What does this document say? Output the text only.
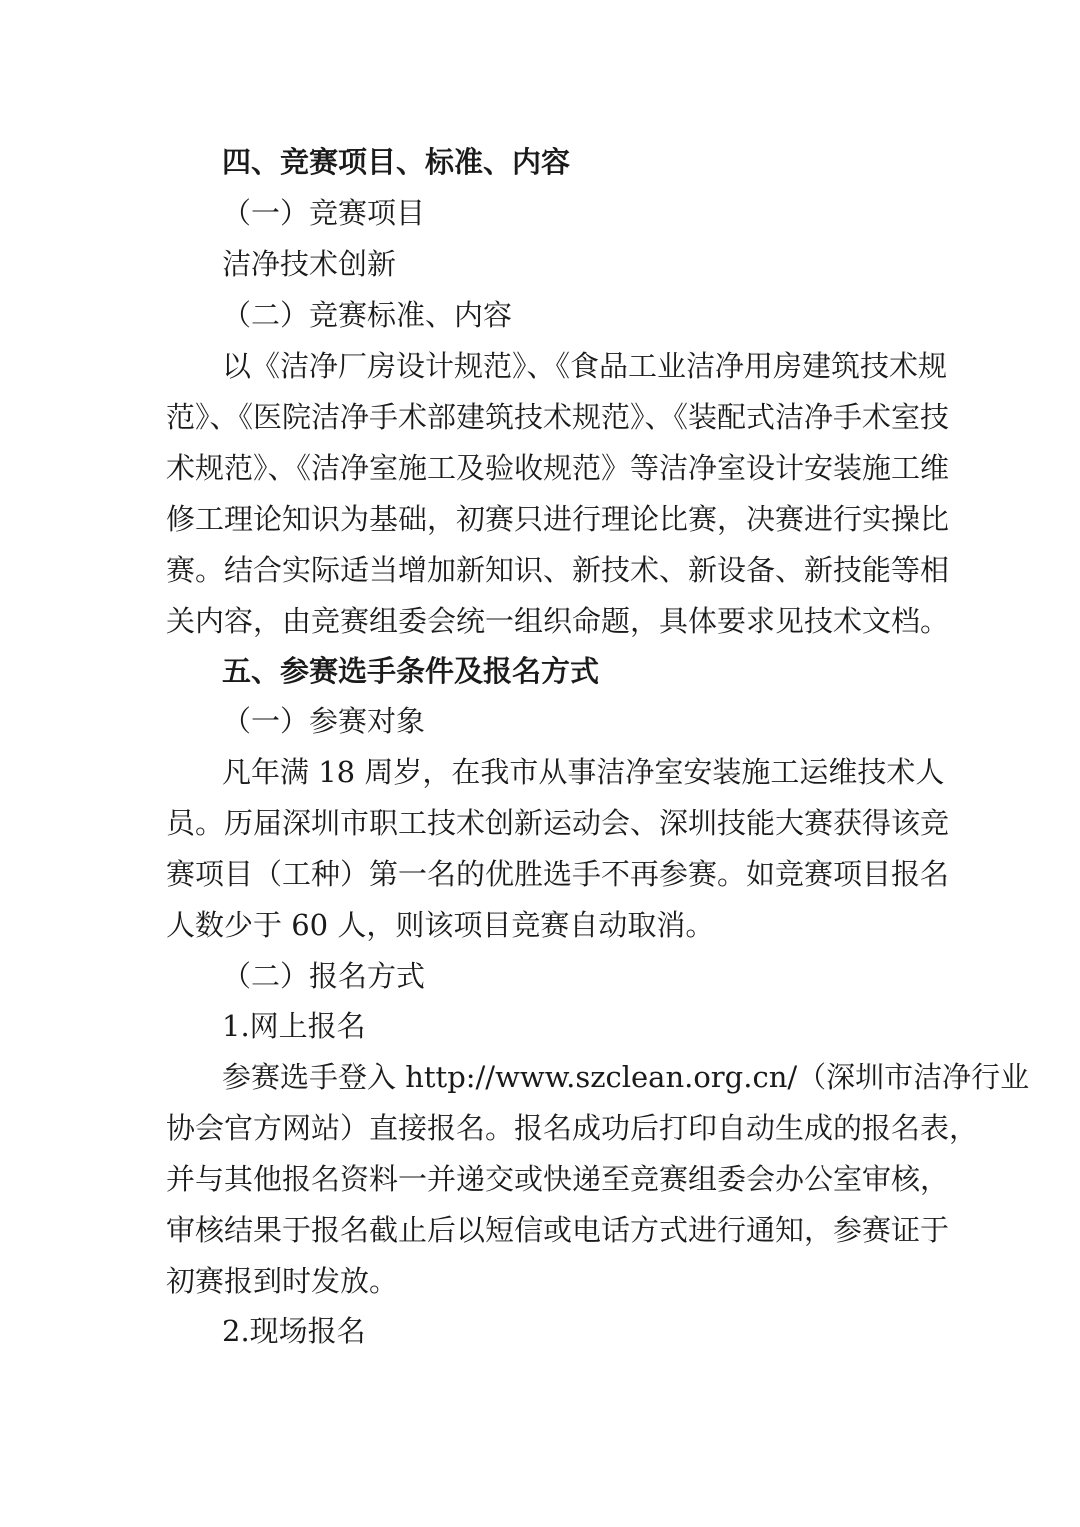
四、竞赛项目、标准、内容
（一）竞赛项目
洁净技术创新
（二）竞赛标准、内容
以《洁净厂房设计规范》、《食品工业洁净用房建筑技术规
范》、《医院洁净手术部建筑技术规范》、《装配式洁净手术室技
术规范》、《洁净室施工及验收规范》等洁净室设计安装施工维
修工理论知识为基础，初赛只进行理论比赛，决赛进行实操比
赛。结合实际适当增加新知识、新技术、新设备、新技能等相
关内容，由竞赛组委会统一组织命题，具体要求见技术文档。
五、参赛选手条件及报名方式
（一）参赛对象
凡年满 18 周岁，在我市从事洁净室安装施工运维技术人
员。历届深圳市职工技术创新运动会、深圳技能大赛获得该竞
赛项目（工种）第一名的优胜选手不再参赛。如竞赛项目报名
人数少于 60 人，则该项目竞赛自动取消。
（二）报名方式
1.网上报名
参赛选手登入 http://www.szclean.org.cn/（深圳市洁净行业
协会官方网站）直接报名。报名成功后打印自动生成的报名表，
并与其他报名资料一并递交或快递至竞赛组委会办公室审核，
审核结果于报名截止后以短信或电话方式进行通知，参赛证于
初赛报到时发放。
2.现场报名
